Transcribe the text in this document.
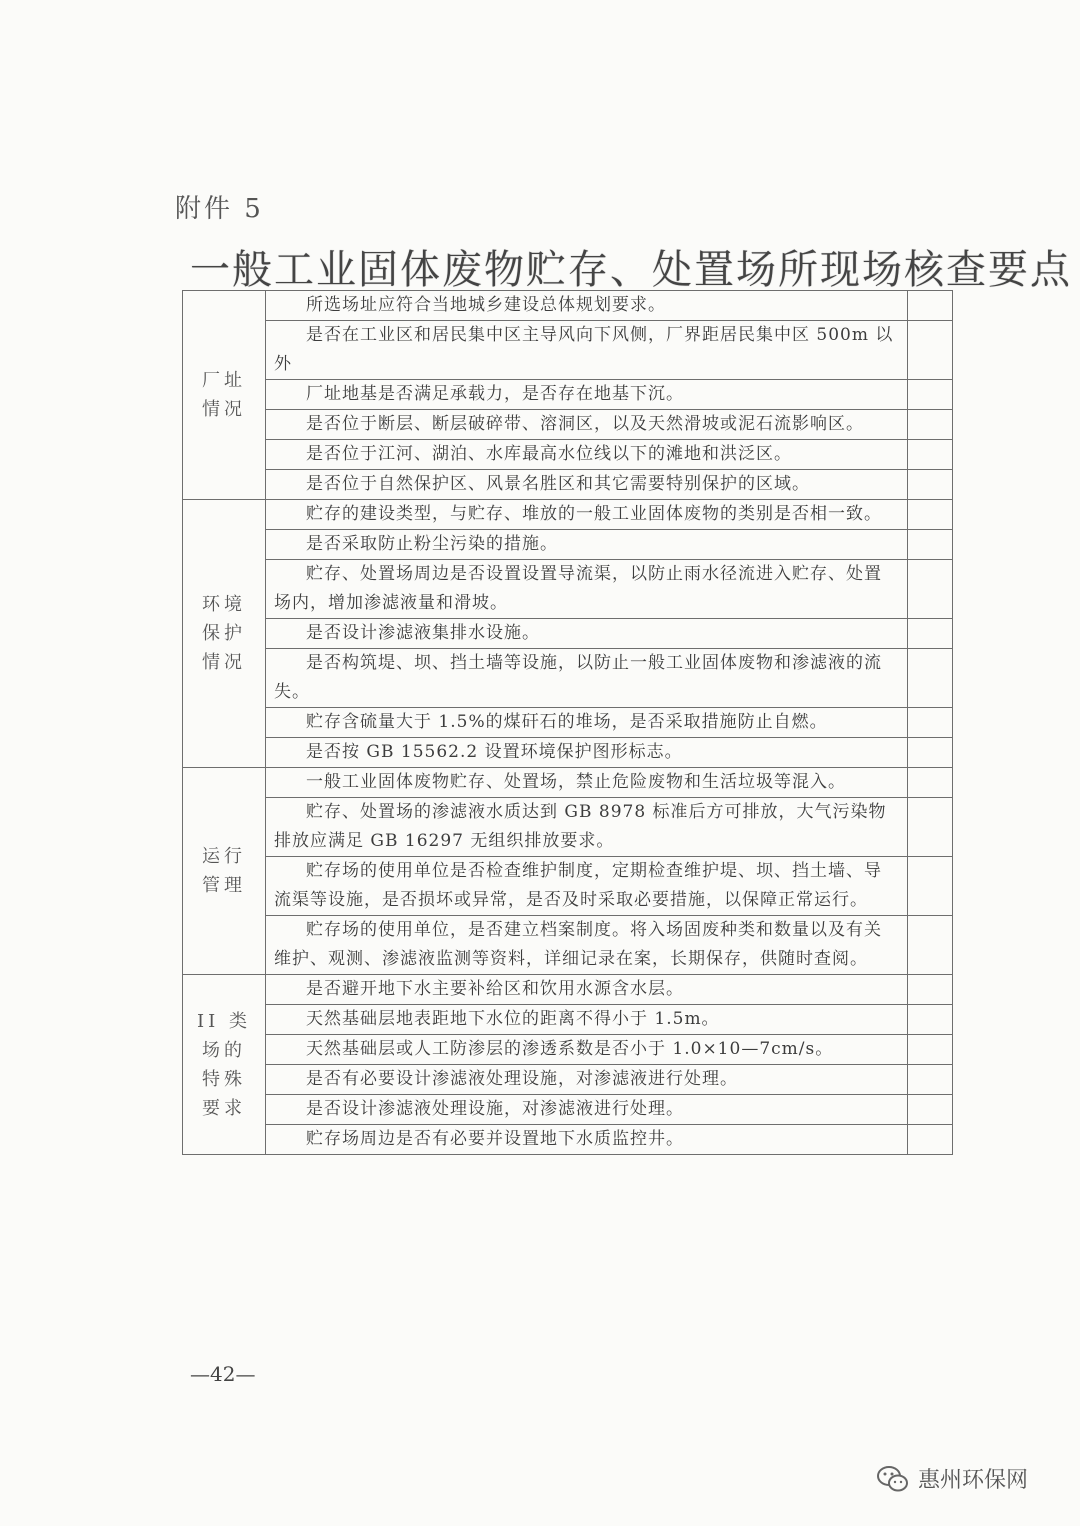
附件 5
一般工业固体废物贮存、处置场所现场核查要点
厂址情况	所选场址应符合当地城乡建设总体规划要求。	
	是否在工业区和居民集中区主导风向下风侧，厂界距居民集中区 500m 以外	
	厂址地基是否满足承载力，是否存在地基下沉。	
	是否位于断层、断层破碎带、溶洞区，以及天然滑坡或泥石流影响区。	
	是否位于江河、湖泊、水库最高水位线以下的滩地和洪泛区。	
	是否位于自然保护区、风景名胜区和其它需要特别保护的区域。	
环境保护情况	贮存的建设类型，与贮存、堆放的一般工业固体废物的类别是否相一致。	
	是否采取防止粉尘污染的措施。	
	贮存、处置场周边是否设置设置导流渠，以防止雨水径流进入贮存、处置场内，增加渗滤液量和滑坡。	
	是否设计渗滤液集排水设施。	
	是否构筑堤、坝、挡土墙等设施，以防止一般工业固体废物和渗滤液的流失。	
	贮存含硫量大于 1.5%的煤矸石的堆场，是否采取措施防止自燃。	
	是否按 GB 15562.2 设置环境保护图形标志。	
运行管理	一般工业固体废物贮存、处置场，禁止危险废物和生活垃圾等混入。	
	贮存、处置场的渗滤液水质达到 GB 8978 标准后方可排放，大气污染物排放应满足 GB 16297 无组织排放要求。	
	贮存场的使用单位是否检查维护制度，定期检查维护堤、坝、挡土墙、导流渠等设施，是否损坏或异常，是否及时采取必要措施，以保障正常运行。	
	贮存场的使用单位，是否建立档案制度。将入场固废种类和数量以及有关维护、观测、渗滤液监测等资料，详细记录在案，长期保存，供随时查阅。	
II 类场的特殊要求	是否避开地下水主要补给区和饮用水源含水层。	
	天然基础层地表距地下水位的距离不得小于 1.5m。	
	天然基础层或人工防渗层的渗透系数是否小于 1.0×10—7cm/s。	
	是否有必要设计渗滤液处理设施，对渗滤液进行处理。	
	是否设计渗滤液处理设施，对渗滤液进行处理。	
	贮存场周边是否有必要并设置地下水质监控井。	
—42—
惠州环保网
